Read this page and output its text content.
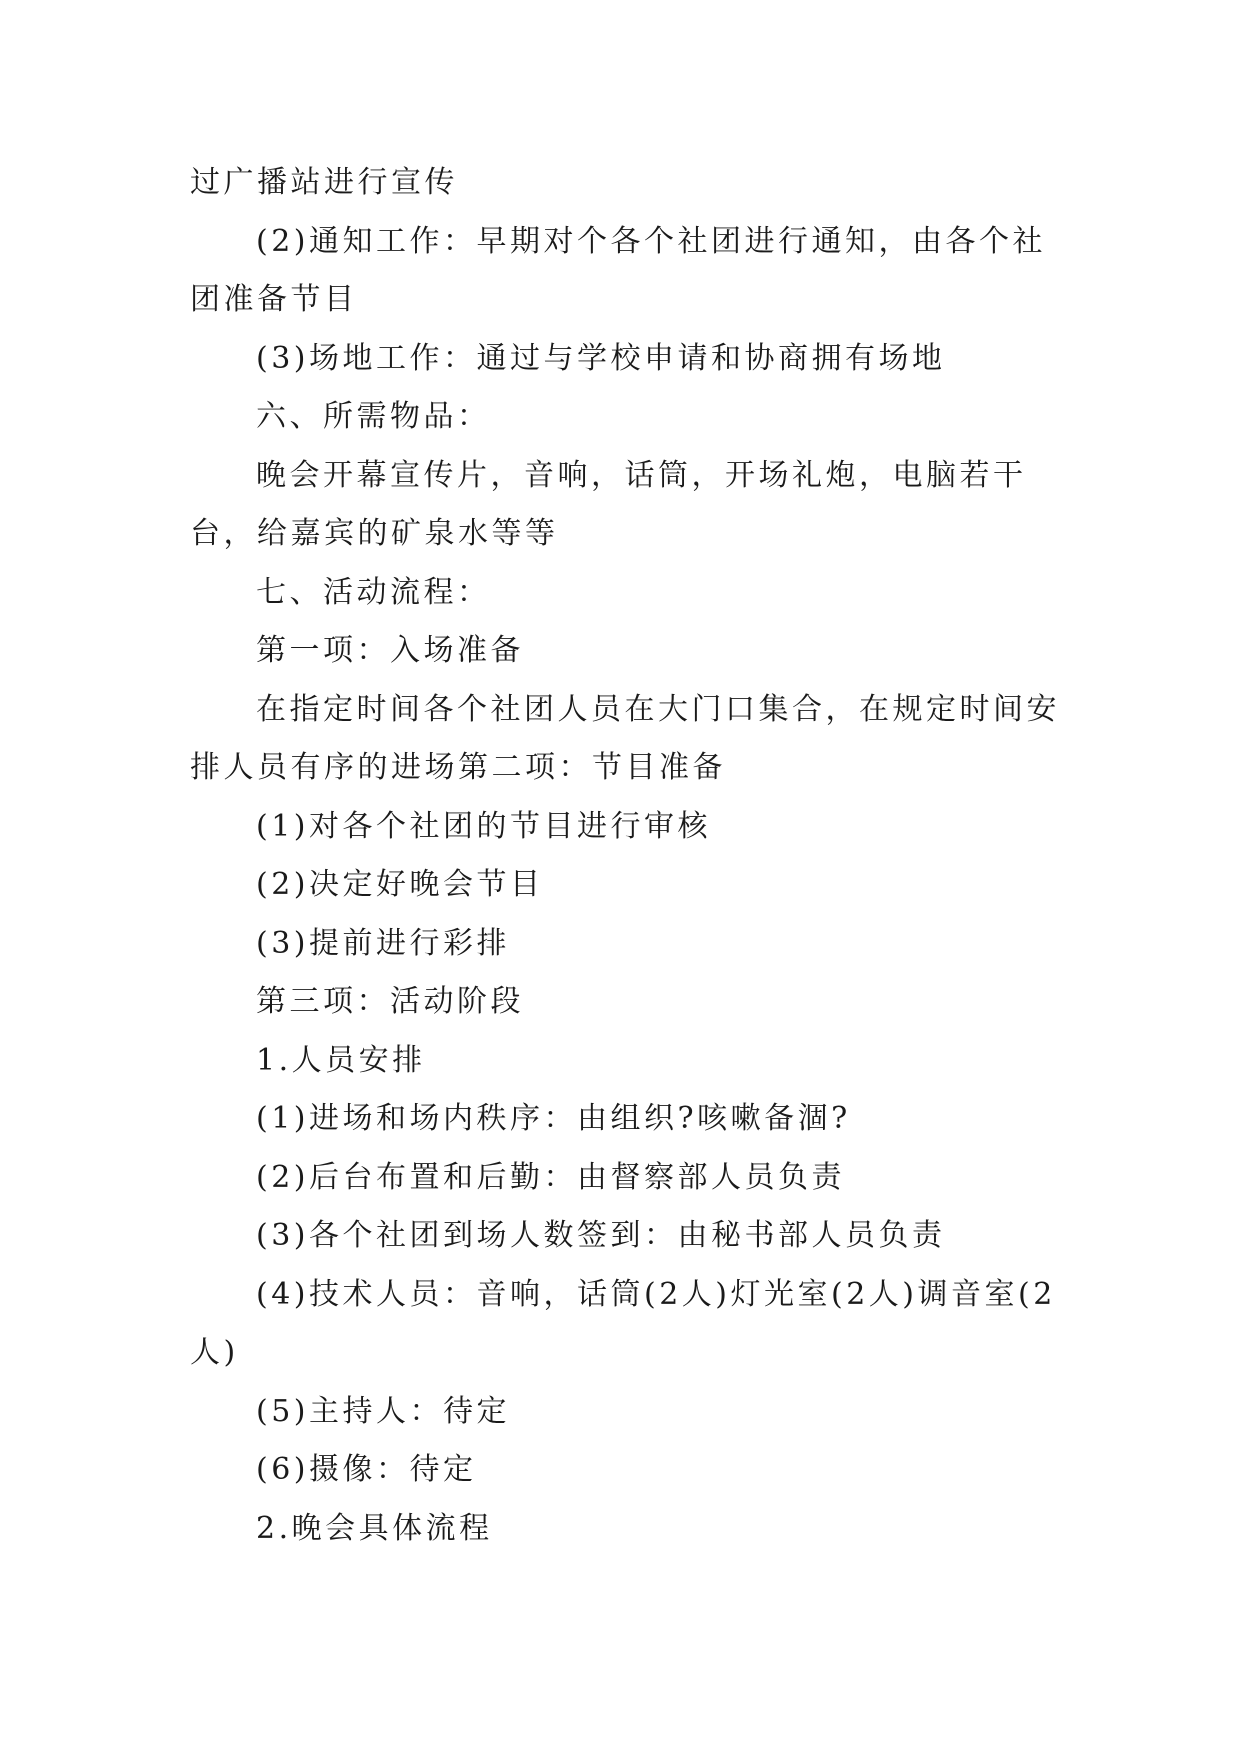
过广播站进行宣传

(2)通知工作：早期对个各个社团进行通知，由各个社团准备节目

(3)场地工作：通过与学校申请和协商拥有场地

六、所需物品：

晚会开幕宣传片，音响，话筒，开场礼炮，电脑若干台，给嘉宾的矿泉水等等

七、活动流程：

第一项：入场准备

在指定时间各个社团人员在大门口集合，在规定时间安排人员有序的进场第二项：节目准备

(1)对各个社团的节目进行审核

(2)决定好晚会节目

(3)提前进行彩排

第三项：活动阶段

1.人员安排

(1)进场和场内秩序：由组织?咳嗽备涸?

(2)后台布置和后勤：由督察部人员负责

(3)各个社团到场人数签到：由秘书部人员负责

(4)技术人员：音响，话筒(2人)灯光室(2人)调音室(2人)

(5)主持人：待定

(6)摄像：待定

2.晚会具体流程
